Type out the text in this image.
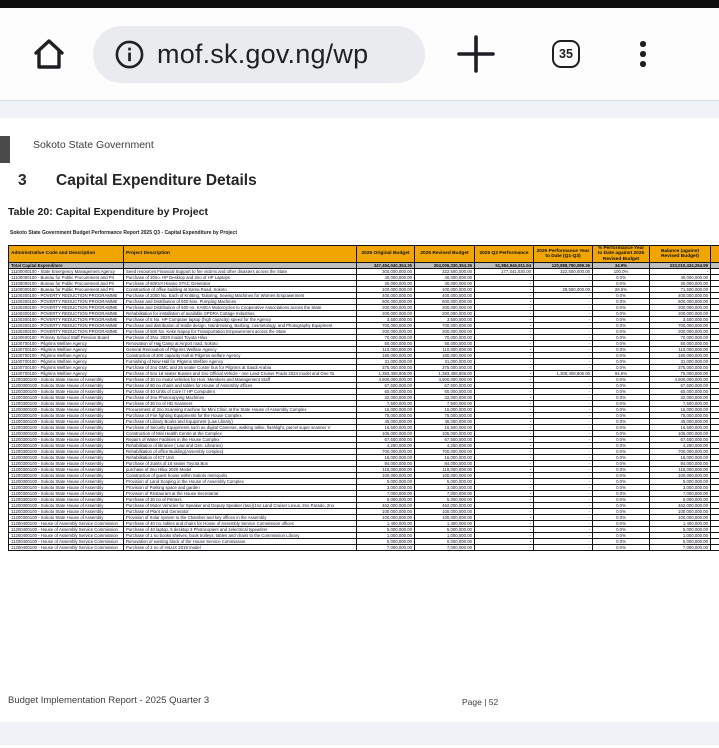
mof.sk.gov.ng/wp	35
Sokoto State Government
3 Capital Expenditure Details
Table 20: Capital Expenditure by Project
Sokoto State Government Budget Performance Report 2025 Q3 - Capital Expenditure by Project
Administrative Code and Description	Project Description	2025 Original Budget	2025 Revised Budget	2025 Q3 Performance	2025 Performance Year to Date (Q1-Q3)	% Performance Year to Date against 2025 Revised Budget	Balance (against Revised Budget)	
Total Capital Expenditure		347,484,040,354.35	304,006,330,354.35	51,884,946,911.94	120,888,790,089.36	34.9%	233,010,434,264.99	
11100000100 - State Emergency Management Agency	Seed resources Financial Support to fire victims and other disasters across the State	300,000,000.00	322,500,000.00	177,341,030.00	322,500,000.00	100.0%	-	
11100000100 - Bureau for Public Procurement and Pri	Purchase of 20no. HP Desktop and 2no of HP Laptops	40,000,000.00	40,000,000.00	-	-	0.0%	40,000,000.00	
11100000100 - Bureau for Public Procurement and Pri	Purchase of 60KVA Hisano STAC Generator	30,000,000.00	30,000,000.00	-	-	0.0%	30,000,000.00	
11100000100 - Bureau for Public Procurement and Pri	Construction of office building at Sama Road, Sokoto	100,000,000.00	100,000,000.00	-	28,500,000.00	28.5%	71,500,000.00	
11100300100 - POVERTY REDUCTION PROGRAMME	Purchase of 2000 No. Each of Knitting, Tailoring, Sewing Machines for Women Empowerment	400,000,000.00	400,000,000.00	-	-	0.0%	400,000,000.00	
11100300100 - POVERTY REDUCTION PROGRAMME	Purchase and Distribution of 600 Nos. Pumping Machines	600,000,000.00	600,000,000.00	-	-	0.0%	600,000,000.00	
11100300100 - POVERTY REDUCTION PROGRAMME	Purchase and Distribution of 500 no. KASEA Motorcycles to Cooperative Associations across the State	200,000,000.00	200,000,000.00	-	-	0.0%	200,000,000.00	
11100300100 - POVERTY REDUCTION PROGRAMME	Rehabilitation for installation of available SPDRA Cottage Industries	200,000,000.00	200,000,000.00	-	-	0.0%	200,000,000.00	
11100300100 - POVERTY REDUCTION PROGRAMME	Purchase of 5 No. HP Computer laptop (high capacity) speed for the Agency	3,500,000.00	3,500,000.00	-	-	0.0%	3,500,000.00	
11100300100 - POVERTY REDUCTION PROGRAMME	Purchase and distribution of textile design, Hairdressing, Barbing, cosmetology, and Photography Equipment	700,000,000.00	700,000,000.00	-	-	0.0%	700,000,000.00	
11100300100 - POVERTY REDUCTION PROGRAMME	Purchase of 500 No. Keke Napep for Transportation Empowerment across the State	200,000,000.00	200,000,000.00	-	-	0.0%	200,000,000.00	
11100600100 - Primary School Staff Pension Board	Purchase of 2No. 2020 model Toyota Hilux	70,000,000.00	70,000,000.00	-	-	0.0%	70,000,000.00	
11100700100 - Pilgrims Welfare Agency	Renovation of Hajj Camp at Airport road, Sokoto	50,000,000.00	50,000,000.00	-	-	0.0%	50,000,000.00	
11100700100 - Pilgrims Welfare Agency	General Renovation of Pilgrims Welfare Agency	110,000,000.00	110,000,000.00	-	-	0.0%	110,000,000.00	
11100700100 - Pilgrims Welfare Agency	Construction of 300 capacity Hall at Pilgrims welfare Agency	180,000,000.00	180,000,000.00	-	-	0.0%	180,000,000.00	
11100700100 - Pilgrims Welfare Agency	Furnishing of New Hall for Pilgrims Welfare Agency	31,000,000.00	31,000,000.00	-	-	0.0%	31,000,000.00	
11100700100 - Pilgrims Welfare Agency	Purchase of 2no GMC and 26 seater Coster bus for Pilgrims at Saudi Arabia	375,000,000.00	375,000,000.00	-	-	0.0%	375,000,000.00	
11100700100 - Pilgrims Welfare Agency	Purchase of 5no 18 seater Busses and 2no Official Vehicle - one Land Cruiser Prado 2024 model and One Ta	1,383,408,806.00	1,383,408,806.00	-	1,308,408,806.00	94.6%	75,000,000.00	
11200300100 - Sokoto State House of Assembly	Purchase of 30 no motor vehicles for Hon. Members and Management Staff	4,500,000,000.00	4,500,000,000.00	-	-	0.0%	4,500,000,000.00	
11200300100 - Sokoto State House of Assembly	Purchase of 80 no chairs and tables for House of Assembly offices	67,500,000.00	67,500,000.00	-	-	0.0%	67,500,000.00	
11200300100 - Sokoto State House of Assembly	Purchase of 40 Units of Core i7 HP Computers	60,000,000.00	60,000,000.00	-	-	0.0%	60,000,000.00	
11200300100 - Sokoto State House of Assembly	Purchase of 2no Photocopying Machines	32,000,000.00	32,000,000.00	-	-	0.0%	32,000,000.00	
11200300100 - Sokoto State House of Assembly	Purchase of 30 no of HD Scanners	7,500,000.00	7,500,000.00	-	-	0.0%	7,500,000.00	
11200300100 - Sokoto State House of Assembly	Procurement of 2no Scanning machine for Mini Clinic at the State House of Assembly Complex	15,000,000.00	15,000,000.00	-	-	0.0%	15,000,000.00	
11200300100 - Sokoto State House of Assembly	Purchase of Fire fighting Equipments for the House Complex	75,000,000.00	75,000,000.00	-	-	0.0%	75,000,000.00	
11200300100 - Sokoto State House of Assembly	Purchase of Library Books and Equipment (Law Library)	45,000,000.00	45,000,000.00	-	-	0.0%	45,000,000.00	
11200300100 - Sokoto State House of Assembly	Purchase of Security Equipments such as digital Cameras, walking talkie, flashlight, parcel super scanner V	16,500,000.00	16,500,000.00	-	-	0.0%	16,500,000.00	
11200300100 - Sokoto State House of Assembly	Construction of Mini Health Centre at the Complex	105,000,000.00	105,000,000.00	-	-	0.0%	105,000,000.00	
11200300100 - Sokoto State House of Assembly	Repairs of Water Facilities in the House Complex	67,500,000.00	67,500,000.00	-	-	0.0%	67,500,000.00	
11200300100 - Sokoto State House of Assembly	Rehabilitation of libraries ( Law and Gen. Libraries)	4,250,000.00	4,250,000.00	-	-	0.0%	4,250,000.00	
11200300100 - Sokoto State House of Assembly	Rehabilitation of office Building(Assembly complex)	700,000,000.00	700,000,000.00	-	-	0.0%	700,000,000.00	
11200300100 - Sokoto State House of Assembly	Rehabilitation of ICT Unit	16,000,000.00	16,000,000.00	-	-	0.0%	16,000,000.00	
11200300100 - Sokoto State House of Assembly	Purchase of 2units of 18 seater Toyota Bus	84,000,000.00	84,000,000.00	-	-	0.0%	84,000,000.00	
11200300100 - Sokoto State House of Assembly	purchase of 2no Hilux 2020 Model	118,000,000.00	118,000,000.00	-	-	0.0%	118,000,000.00	
11200300100 - Sokoto State House of Assembly	Construction of guest house within Sokoto metropolis	100,000,000.00	100,000,000.00	-	-	0.0%	100,000,000.00	
11200300100 - Sokoto State House of Assembly	Provision of Land Scaping in the House of Assembly Complex	5,000,000.00	5,000,000.00	-	-	0.0%	5,000,000.00	
11200300100 - Sokoto State House of Assembly	Provision of Parking space and garden	3,000,000.00	3,000,000.00	-	-	0.0%	3,000,000.00	
11200300100 - Sokoto State House of Assembly	Provision of Restaurant at the House Secretariat	7,000,000.00	7,000,000.00	-	-	0.0%	7,000,000.00	
11200300100 - Sokoto State House of Assembly	Purchase of 30 no of Printers	5,000,000.00	5,000,000.00	-	-	0.0%	5,000,000.00	
11200300100 - Sokoto State House of Assembly	Purchase of Motor Vehicles for Speaker and Deputy Speaker (two)(1no Land Cruiser Lexus, 2no Parado, 2no	462,000,000.00	462,000,000.00	-	-	0.0%	462,000,000.00	
11200300100 - Sokoto State House of Assembly	Purchase of Plant and Generator	100,000,000.00	100,000,000.00	-	-	0.0%	100,000,000.00	
11200300100 - Sokoto State House of Assembly	Provision of Solar system to the Chamber and key offices in the Assembly	100,000,000.00	100,000,000.00	-	-	0.0%	100,000,000.00	
11200400100 - House of Assembly Service Commission	Purchase of 40 no. tables and chairs for House of Assembly Service Commission offices	1,400,000.00	1,400,000.00	-	-	0.0%	1,400,000.00	
11200400100 - House of Assembly Service Commission	Purchase of 40 laptop, 5 desktop 3 Photocopiers and 1electrical typewriter	5,000,000.00	5,000,000.00	-	-	0.0%	5,000,000.00	
11200400100 - House of Assembly Service Commission	Purchase of 1 no books shelves, book trolleys, tables and chairs to the Commission Library	1,000,000.00	1,000,000.00	-	-	0.0%	1,000,000.00	
11200400100 - House of Assembly Service Commission	Renovation of existing block of the House Service Commission	5,000,000.00	5,000,000.00	-	-	0.0%	5,000,000.00	
11200400100 - House of Assembly Service Commission	Purchase of 2 no of HILUX 2019 model	7,000,000.00	7,000,000.00	-	-	0.0%	7,000,000.00	
Budget Implementation Report - 2025 Quarter 3	Page | 52
